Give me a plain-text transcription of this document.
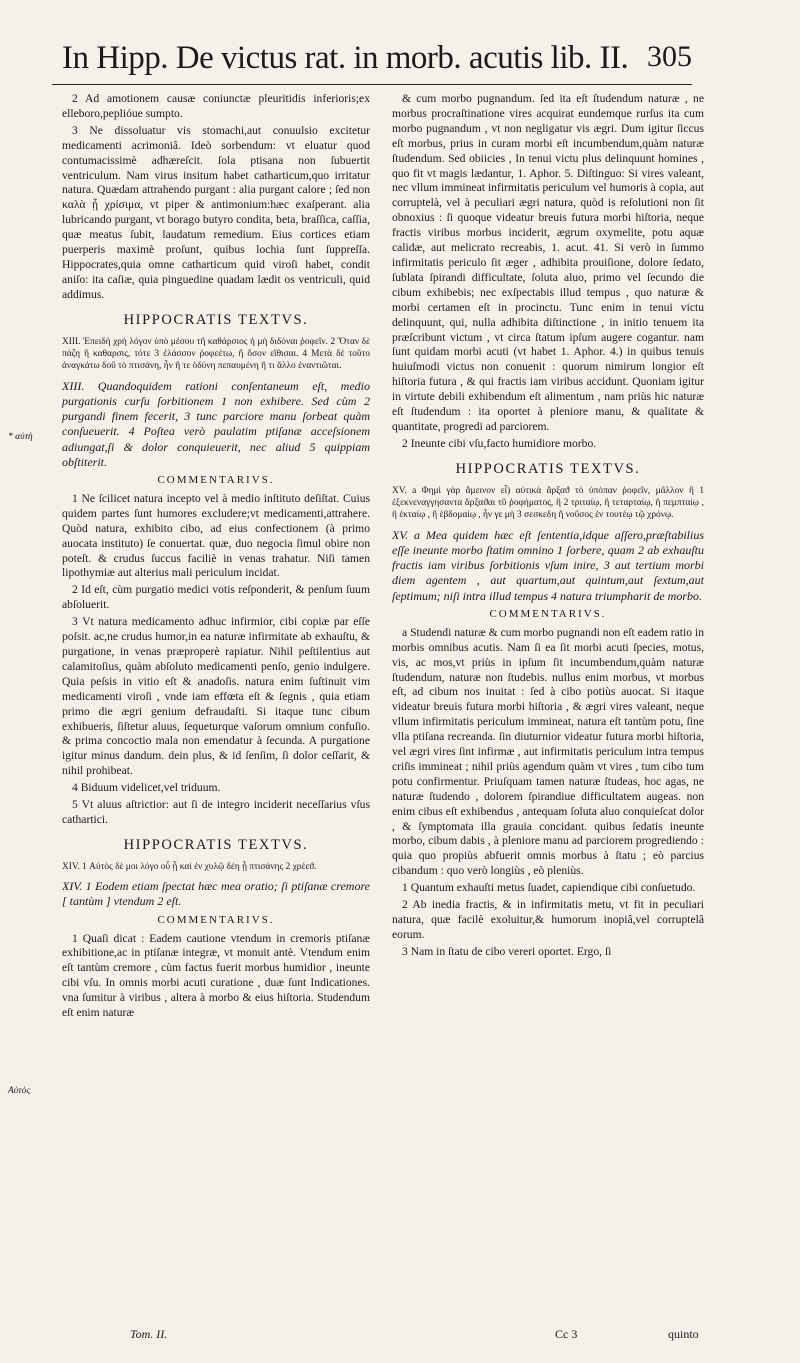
In Hipp. De victus rat. in morb. acutis lib. II. 305
2 Ad amotionem causæ coniunctæ pleuritidis inferioris;ex elleboro,pepliόue sumpto.
3 Ne dissoluatur vis stomachi,aut conuulsio excitetur medicamenti acrimoniâ. Ideò sorbendum: vt eluatur quod contumacissimè adhæreſcit. ſola ptisana non ſubuertit ventriculum. Nam virus insitum habet catharticum,quo irritatur natura. Quædam attrahendo purgant : alia purgant calore ; ſed non καλὰ ᾗ χρίσιμα, vt piper & antimonium:hæc exaſperant. alia lubricando purgant, vt borago butyro condita, beta, braſſica, caſſia, quæ meatus ſubit, laudatum remedium. Eius cortices etiam puerperis maximè proſunt, quibus lochia ſunt ſuppreſſa. Hippocrates,quia omne catharticum quid viroſi habet, condit aniſo: ita caſiæ, quia pinguedine quadam lædit os ventriculi, quid addimus.
HIPPOCRATIS TEXTVS.
XIII. Ἐπειδὴ χρὴ λόγον ὑπὸ μέσου τῆ καθάρσιος ἡ μὴ διδόναι ῥοφεῖν. 2 Ὅταν δὲ πάζη ἢ καθαρσις, τότε 3 ἐλάσσον ῥοφεέτω, ἢ ὅσον εἴθισαι. 4 Μετὰ δὲ τοῦτο ἀναγκάτω δοῦ τὸ πτισάνη, ἦν ἢ τε ὀδύνη πεπαυμένη ἢ τι ἄλλο ἐναντιῶται.
XIII. Quandoquidem rationi conſentaneum eſt, medio purgationis curſu ſorbitionem 1 non exhibere. Sed cùm 2 purgandi finem fecerit, 3 tunc parciore manu ſorbeat quàm conſueuerit. 4 Poſtea verò paulatim ptiſanæ acceſsionem adiungat,ſi & dolor conquieuerit, nec aliud 5 quippiam obſtiterit.
COMMENTARIVS.
1 Ne ſcilicet natura incepto vel à medio inſtituto deſiſtat. Cuius quidem partes ſunt humores excludere;vt medicamenti,attrahere. Quòd natura, exhibito cibo, ad eius confectionem (à primo auocata instituto) ſe conuertat. quæ, duo negocia ſimul obire non poteſt. & crudus ſuccus faciliè in venas trahatur. Niſi tamen lipothymiæ aut alterius mali periculum incidat.
2 Id eſt, cùm purgatio medici votis reſponderit, & penſum ſuum abſoluerit.
3 Vt natura medicamento adhuc infirmior, cibi copiæ par eſſe poſsit. ac,ne crudus humor,in ea naturæ infirmitate ab exhauſtu, & purgatione, in venas præproperè rapiatur. Nihil peſtilentius aut calamitoſius, quàm abſoluto medicamenti penſo, genio indulgere. Quia peſsis in vitio eſt & anadoſis. natura enim ſuſtinuit vim medicamenti viroſi , vnde iam effœta eſt & ſegnis , quia etiam primo die ægri genium defraudaſti. Si itaque tunc cibum exhibueris, ſiſtetur aluus, ſequeturque vaſorum omnium confuſio. & prima concoctio mala non emendatur à ſecunda. A purgatione igitur minus dandum. dein plus, & id ſenſim, ſi dolor ceſſarit, & nihil prohibeat.
4 Biduum videlicet,vel triduum.
5 Vt aluus aſtrictior: aut ſi de integro inciderit neceſſarius vſus cathartici.
HIPPOCRATIS TEXTVS.
XIV. 1 Αὑτὸς δὲ μοι λόγο οὗ ᾗ καὶ ἐν χυλῷ δέη ᾗ πτισάνης 2 χρέεϑ.
XIV. 1 Eodem etiam ſpectat hæc mea oratio; ſi ptiſanæ cremore [ tantùm ] vtendum 2 eſt.
COMMENTARIVS.
1 Quaſi dicat : Eadem cautione vtendum in cremoris ptiſanæ exhibitione,ac in ptiſanæ integræ, vt monuit antè. Vtendum enim eſt tantùm cremore , cùm factus fuerit morbus humidior , ineunte cibi vſu. In omnis morbi acuti curatione , duæ ſunt Indicationes. vna ſumitur à viribus , altera à morbo & eius hiſtoria. Studendum eſt enim naturæ
& cum morbo pugnandum. ſed ita eſt ſtudendum naturæ , ne morbus procraſtinatione vires acquirat eundemque rurſus ita cum morbo pugnandum , vt non negligatur vis ægri. Dum igitur ſiccus eſt morbus, prius in curam morbi eſt incumbendum,quàm naturæ ſtudendum. Sed obiicies , In tenui victu plus delinquunt homines , quo fit vt magis lædantur, 1. Aphor. 5. Diſtinguo: Si vires valeant, nec vllum immineat infirmitatis periculum vel humoris à copia, aut corruptelà, vel à peculiari ægri natura, quòd is reſolutioni non ſit obnoxius : ſi quoque videatur breuis futura morbi hiſtoria, neque fractis viribus morbus inciderit, ægrum oxymelite, potu aquæ calidæ, aut melicrato recreabis, 1. acut. 41. Si verò in ſummo infirmitatis periculo ſit æger , adhibita prouiſione, dolore ſedato, ſublata ſpirandi difficultate, ſoluta aluo, primo vel ſecundo die cibum exhibebis; nec exſpectabis illud tempus , quo naturæ & morbi certamen eſt in procinctu. Tunc enim in tenui victu delinquunt, qui, nulla adhibita diſtinctione , in initio tenuem ita præſcribunt victum , vt circa ſtatum ipſum augere cogantur. nam ſunt quidam morbi acuti (vt habet 1. Aphor. 4.) in quibus tenuis huiuſmodi victus non conuenit : quorum nimirum longior eſt hiſtoria futura , & qui fractis iam viribus accidunt. Quoniam igitur in virtute debili exhibendum eſt alimentum , nam priùs hic naturæ eſt ſtudendum : ita oportet à pleniore manu, & qualitate & quantitate, progredi ad parciorem.
2 Ineunte cibi vſu,facto humidiore morbo.
HIPPOCRATIS TEXTVS.
XV. a Φημὶ γὰρ ἄμεινον εἶ) αὐτικὰ ἄρξαϑ τὸ ὑπὸπαν ῥοφεῖν, μᾶλλον ἢ 1 ἐξεκνεναγγησαντα ἄρξαϑαι τῦ ῥοφήματος, ἢ 2 τριταίῳ, ἢ τεταρταίῳ, ἢ πεμπταίῳ , ἢ ἑκταίῳ , ἢ ἑβδομαίῳ , ἦν γε μὴ 3 σεσκεδη ἢ νοῦσος ἐν τουτέῳ τῷ χρόνῳ.
XV. a Mea quidem hæc eſt ſententia,idque aſſero,præſtabilius eſſe ineunte morbo ſtatim omnino 1 ſorbere, quam 2 ab exhauſtu fractis iam viribus ſorbitionis vſum inire, 3 aut tertium morbi diem agentem , aut quartum,aut quintum,aut ſextum,aut ſeptimum; niſi intra illud tempus 4 natura triumpharit de morbo.
COMMENTARIVS.
a Studendi naturæ & cum morbo pugnandi non eſt eadem ratio in morbis omnibus acutis. Nam ſi ea ſit morbi acuti ſpecies, motus, vis, ac mos,vt priùs in ipſum ſit incumbendum,quàm naturæ ſtudendum, naturæ non ſtudebis. nullus enim morbus, vt morbus eſt, ad cibum nos inuitat : ſed à cibo potiùs auocat. Si itaque videatur breuis futura morbi hiſtoria , & ægri vires valeant, neque vllum infirmitatis periculum immineat, natura eſt tantùm potu, ſine vlla ptiſana recreanda. ſin diuturnior videatur futura morbi hiſtoria, vel ægri vires ſint infirmæ , aut infirmitatis periculum intra tempus criſis immineat ; nihil priùs agendum quàm vt vires , tum cibo tum potu confirmentur. Priuſquam tamen naturæ ſtudeas, hoc agas, ne naturæ ſtudendo , dolorem ſpirandiue difficultatem augeas. non enim cibus eſt exhibendus , antequam ſoluta aluo conquieſcat dolor , & ſymptomata illa grauia concidant. quibus ſedatis ineunte morbo, cibum dabis , à pleniore manu ad parciorem progrediendo : quia quo propiùs abfuerit omnis morbus à ſtatu ; eò parcius cibandum : quo verò longiùs , eò pleniùs.
1 Quantum exhauſti metus ſuadet, capiendique cibi conſuetudo.
2 Ab inedia fractis, & in infirmitatis metu, vt fit in peculiari natura, quæ facilè exoluitur,& humorum inopiâ,vel corruptelâ eorum.
3 Nam in ſtatu de cibo vereri oportet. Ergo, ſi
* αὐτὴ
Αὐτὸς
Tom. II.	Cc 3	quinto
